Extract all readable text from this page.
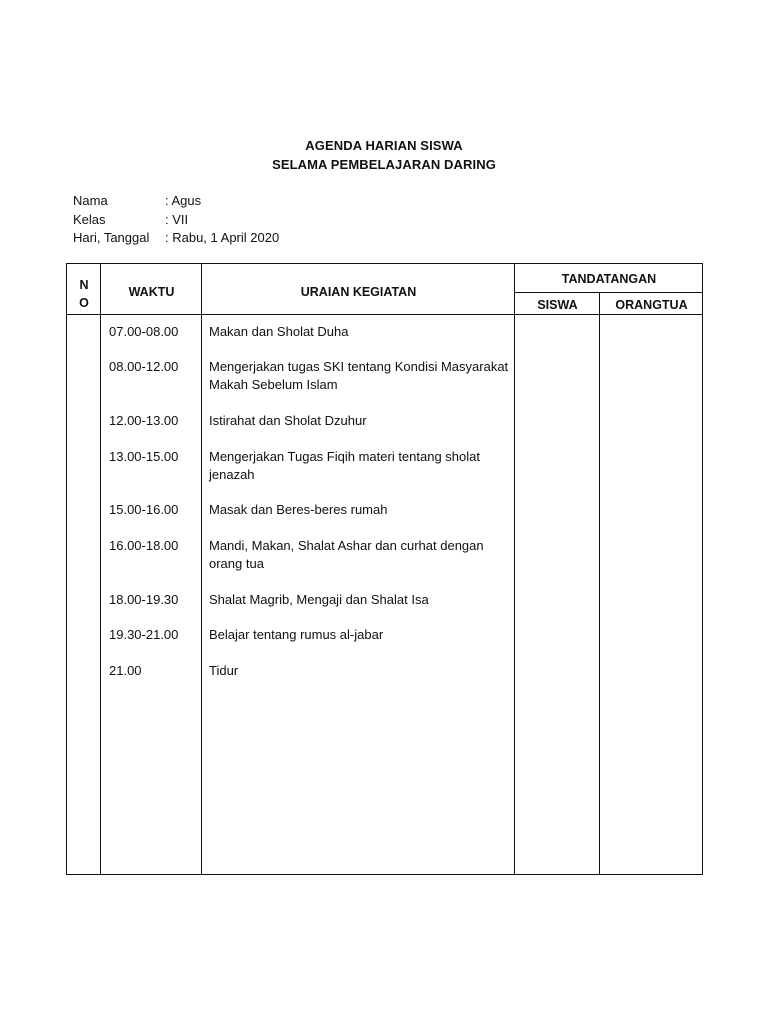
AGENDA HARIAN SISWA
SELAMA PEMBELAJARAN DARING
Nama	: Agus
Kelas	: VII
Hari, Tanggal	: Rabu, 1 April 2020
N
O
WAKTU	URAIAN KEGIATAN
TANDATANGAN
SISWA	ORANGTUA
07.00-08.00	Makan dan Sholat Duha
08.00-12.00	Mengerjakan tugas SKI tentang Kondisi Masyarakat Makah Sebelum Islam
12.00-13.00	Istirahat dan Sholat Dzuhur
13.00-15.00	Mengerjakan Tugas Fiqih materi tentang sholat jenazah
15.00-16.00	Masak dan Beres-beres rumah
16.00-18.00	Mandi, Makan, Shalat Ashar dan curhat dengan orang tua
18.00-19.30	Shalat Magrib, Mengaji dan Shalat Isa
19.30-21.00	Belajar tentang rumus al-jabar
21.00	Tidur
